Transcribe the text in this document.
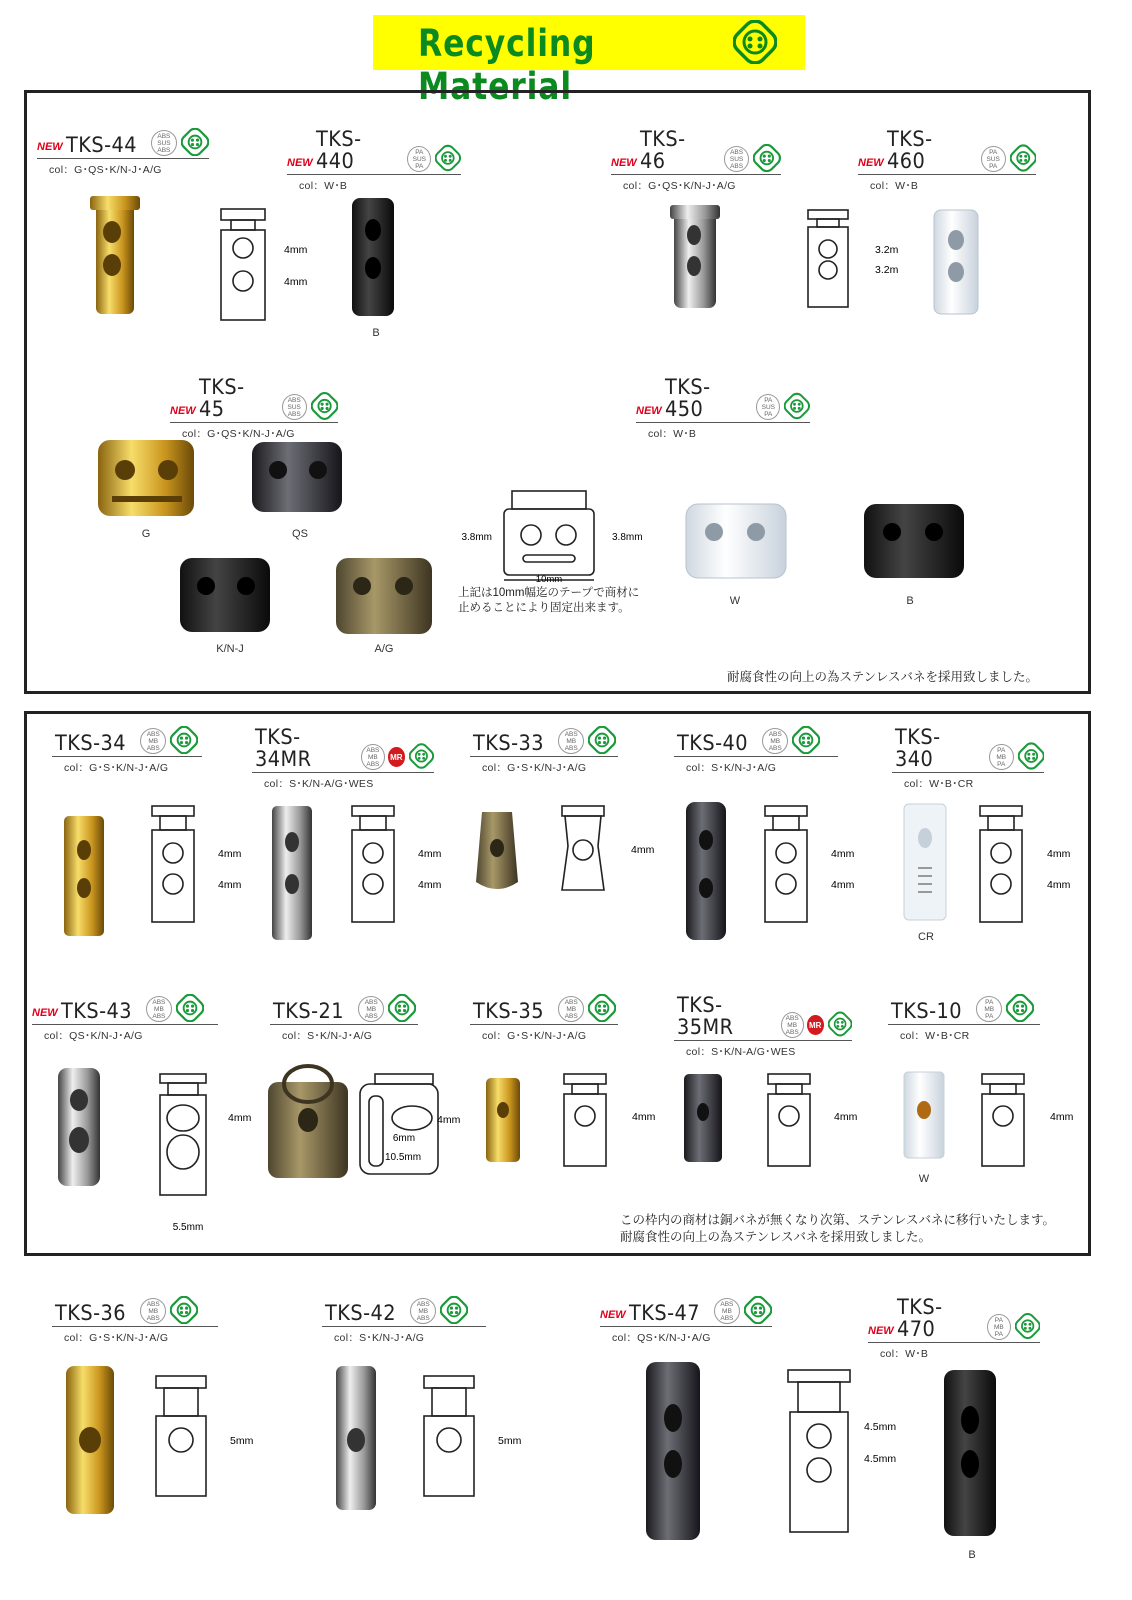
Recycling Material
NEW TKS-44	ABS
SUS
ABS
col：G･QS･K/N-J･A/G
NEW
TKS-440	PA
SUS
PA
col：W･B
NEW
TKS-46	ABS
SUS
ABS
col：G･QS･K/N-J･A/G
NEW
TKS-460	PA
SUS
PA
col：W･B
NEW
TKS-45	ABS
SUS
ABS
col：G･QS･K/N-J･A/G
NEW
TKS-450	PA
SUS
PA
col：W･B
4mm
4mm
B
3.2m
3.2m
G	QS
K/N-J	A/G
3.8mm	3.8mm
10mm
W	B
上記は10mm幅迄のテープで商材に
止めることにより固定出来ます。
耐腐食性の向上の為ステンレスバネを採用致しました。
TKS-34	ABS
MB
ABS
col：G･S･K/N-J･A/G
TKS-34MR	ABS
MB
ABS
MR
col：S･K/N-A/G･WES
TKS-33	ABS
MB
ABS
col：G･S･K/N-J･A/G
TKS-40	ABS
MB
ABS
col：S･K/N-J･A/G
TKS-340	PA
MB
PA
col：W･B･CR
NEW TKS-43	ABS
MB
ABS
col：QS･K/N-J･A/G
TKS-21	ABS
MB
ABS
col：S･K/N-J･A/G
TKS-35	ABS
MB
ABS
col：G･S･K/N-J･A/G
TKS-35MR	ABS
MB
ABS
MR
col：S･K/N-A/G･WES
TKS-10	PA
MB
PA
col：W･B･CR
4mm
4mm
4mm
4mm
4mm	4mm
4mm
CR
4mm
4mm
4mm
5.5mm
4mm
6mm
10.5mm
4mm	4mm
W
4mm
この枠内の商材は銅バネが無くなり次第、ステンレスバネに移行いたします。
耐腐食性の向上の為ステンレスバネを採用致しました。
TKS-36	ABS
MB
ABS
col：G･S･K/N-J･A/G
TKS-42	ABS
MB
ABS
col：S･K/N-J･A/G
NEW TKS-47	ABS
MB
ABS
col：QS･K/N-J･A/G
NEW
TKS-470	PA
MB
PA
col：W･B
5mm	5mm
4.5mm
4.5mm
B
